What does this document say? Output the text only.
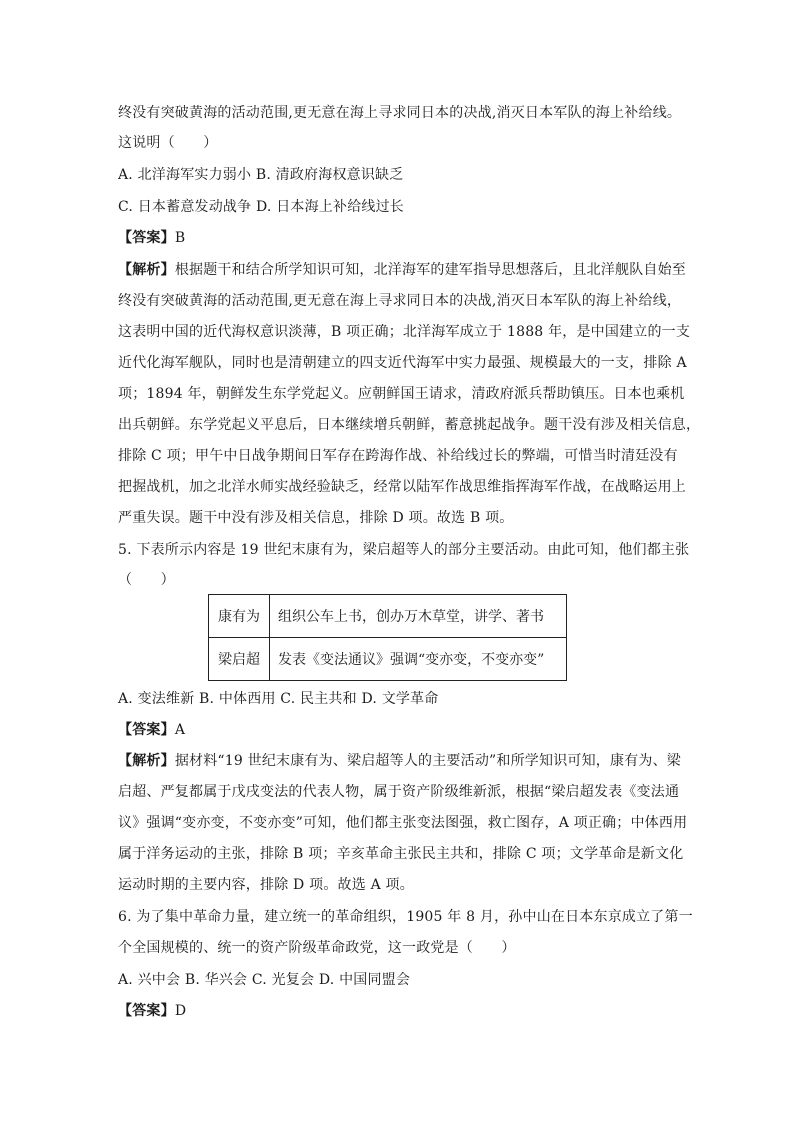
终没有突破黄海的活动范围,更无意在海上寻求同日本的决战,消灭日本军队的海上补给线。
这说明（　　）
A. 北洋海军实力弱小 B. 清政府海权意识缺乏
C. 日本蓄意发动战争 D. 日本海上补给线过长
【答案】B
【解析】根据题干和结合所学知识可知，北洋海军的建军指导思想落后，且北洋舰队自始至
终没有突破黄海的活动范围,更无意在海上寻求同日本的决战,消灭日本军队的海上补给线，
这表明中国的近代海权意识淡薄，B 项正确；北洋海军成立于 1888 年，是中国建立的一支
近代化海军舰队，同时也是清朝建立的四支近代海军中实力最强、规模最大的一支，排除 A
项；1894 年，朝鲜发生东学党起义。应朝鲜国王请求，清政府派兵帮助镇压。日本也乘机
出兵朝鲜。东学党起义平息后，日本继续增兵朝鲜，蓄意挑起战争。题干没有涉及相关信息，
排除 C 项；甲午中日战争期间日军存在跨海作战、补给线过长的弊端，可惜当时清廷没有
把握战机，加之北洋水师实战经验缺乏，经常以陆军作战思维指挥海军作战，在战略运用上
严重失误。题干中没有涉及相关信息，排除 D 项。故选 B 项。
5. 下表所示内容是 19 世纪末康有为，梁启超等人的部分主要活动。由此可知，他们都主张
（　　）
康有为	组织公车上书，创办万木草堂，讲学、著书
梁启超	发表《变法通议》强调“变亦变，不变亦变”
A. 变法维新 B. 中体西用 C. 民主共和 D. 文学革命
【答案】A
【解析】据材料“19 世纪末康有为、梁启超等人的主要活动”和所学知识可知，康有为、梁
启超、严复都属于戊戌变法的代表人物，属于资产阶级维新派，根据“梁启超发表《变法通
议》强调“变亦变，不变亦变”可知，他们都主张变法图强，救亡图存，A 项正确；中体西用
属于洋务运动的主张，排除 B 项；辛亥革命主张民主共和，排除 C 项；文学革命是新文化
运动时期的主要内容，排除 D 项。故选 A 项。
6. 为了集中革命力量，建立统一的革命组织，1905 年 8 月，孙中山在日本东京成立了第一
个全国规模的、统一的资产阶级革命政党，这一政党是（　　）
A. 兴中会 B. 华兴会 C. 光复会 D. 中国同盟会
【答案】D
